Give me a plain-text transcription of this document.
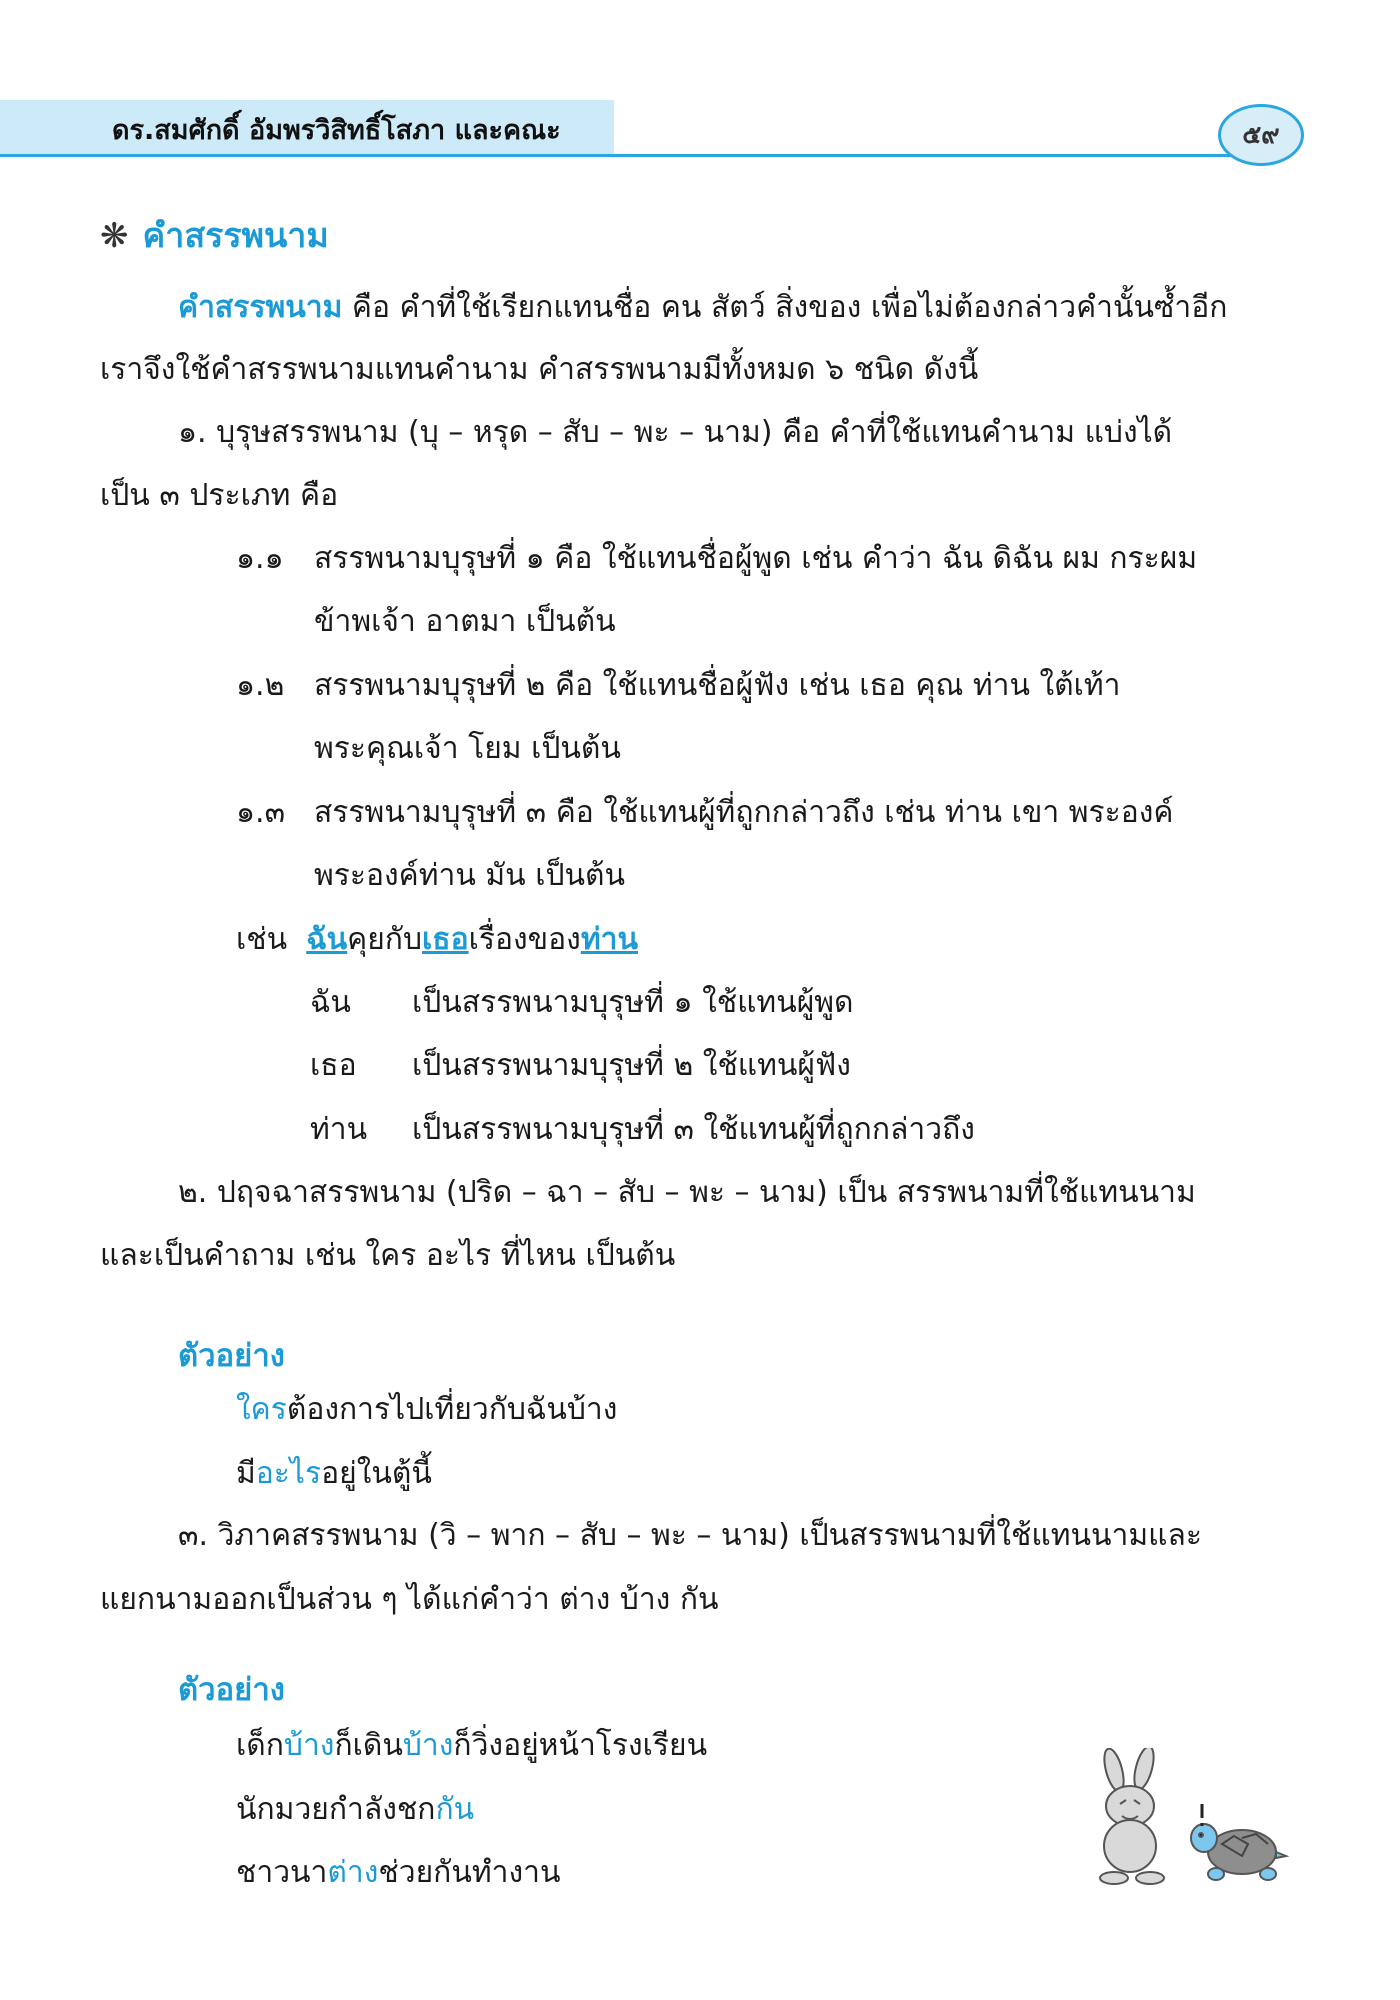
ดร.สมศักดิ์ อัมพรวิสิทธิ์โสภา และคณะ	๕๙
❋ คำสรรพนาม
คำสรรพนาม คือ คำที่ใช้เรียกแทนชื่อ คน สัตว์ สิ่งของ เพื่อไม่ต้องกล่าวคำนั้นซ้ำอีก
เราจึงใช้คำสรรพนามแทนคำนาม คำสรรพนามมีทั้งหมด ๖ ชนิด ดังนี้
๑. บุรุษสรรพนาม (บุ – หรุด – สับ – พะ – นาม) คือ คำที่ใช้แทนคำนาม แบ่งได้
เป็น ๓ ประเภท คือ
๑.๑ สรรพนามบุรุษที่ ๑ คือ ใช้แทนชื่อผู้พูด เช่น คำว่า ฉัน ดิฉัน ผม กระผม
ข้าพเจ้า อาตมา เป็นต้น
๑.๒ สรรพนามบุรุษที่ ๒ คือ ใช้แทนชื่อผู้ฟัง เช่น เธอ คุณ ท่าน ใต้เท้า
พระคุณเจ้า โยม เป็นต้น
๑.๓ สรรพนามบุรุษที่ ๓ คือ ใช้แทนผู้ที่ถูกกล่าวถึง เช่น ท่าน เขา พระองค์
พระองค์ท่าน มัน เป็นต้น
เช่น ฉันคุยกับเธอเรื่องของท่าน
ฉัน เป็นสรรพนามบุรุษที่ ๑ ใช้แทนผู้พูด
เธอ เป็นสรรพนามบุรุษที่ ๒ ใช้แทนผู้ฟัง
ท่าน เป็นสรรพนามบุรุษที่ ๓ ใช้แทนผู้ที่ถูกกล่าวถึง
๒. ปฤจฉาสรรพนาม (ปริด – ฉา – สับ – พะ – นาม) เป็น สรรพนามที่ใช้แทนนาม
และเป็นคำถาม เช่น ใคร อะไร ที่ไหน เป็นต้น
ตัวอย่าง
ใครต้องการไปเที่ยวกับฉันบ้าง
มีอะไรอยู่ในตู้นี้
๓. วิภาคสรรพนาม (วิ – พาก – สับ – พะ – นาม) เป็นสรรพนามที่ใช้แทนนามและ
แยกนามออกเป็นส่วน ๆ ได้แก่คำว่า ต่าง บ้าง กัน
ตัวอย่าง
เด็กบ้างก็เดินบ้างก็วิ่งอยู่หน้าโรงเรียน
นักมวยกำลังชกกัน
ชาวนาต่างช่วยกันทำงาน
